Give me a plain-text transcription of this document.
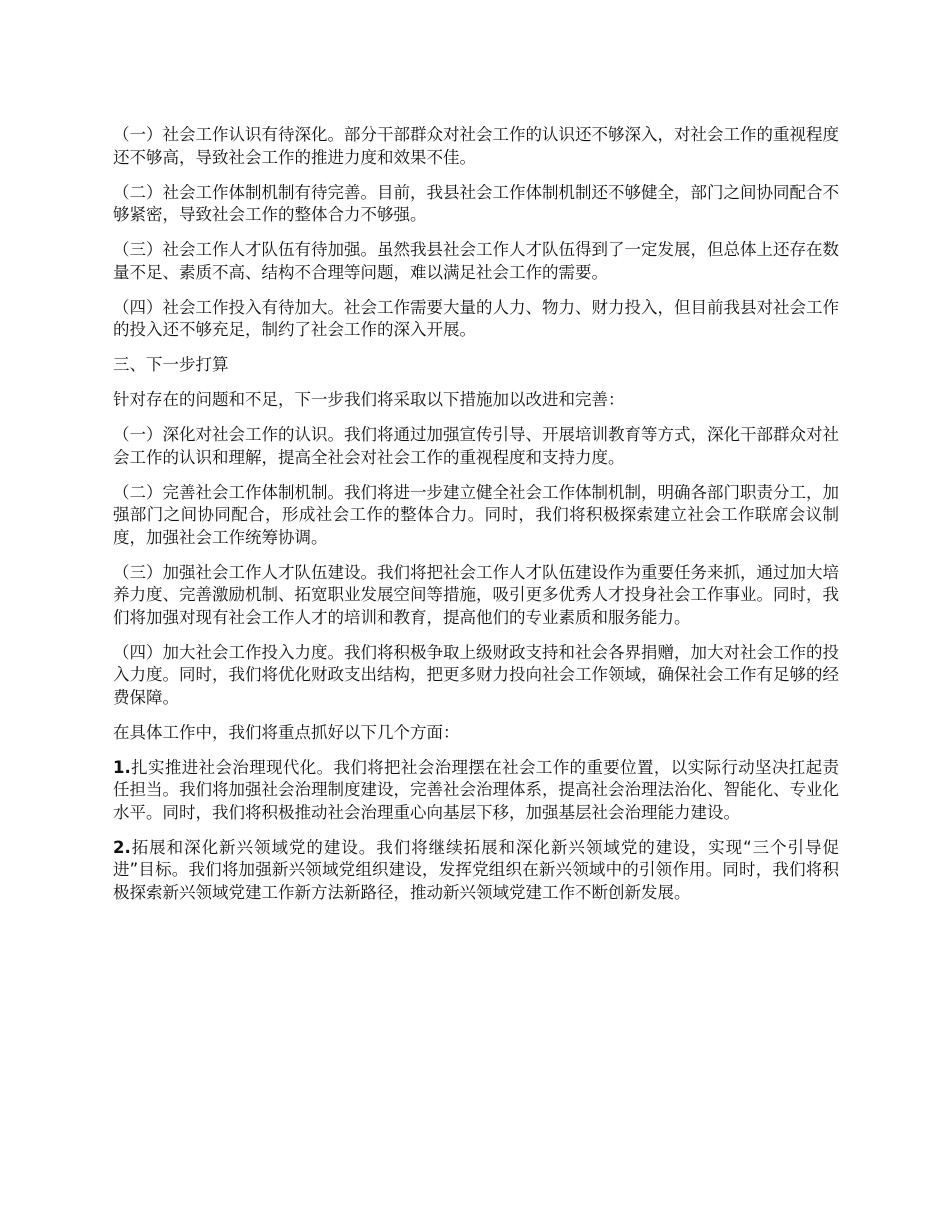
（一）社会工作认识有待深化。部分干部群众对社会工作的认识还不够深入，对社会工作的重视程度还不够高，导致社会工作的推进力度和效果不佳。

（二）社会工作体制机制有待完善。目前，我县社会工作体制机制还不够健全，部门之间协同配合不够紧密，导致社会工作的整体合力不够强。

（三）社会工作人才队伍有待加强。虽然我县社会工作人才队伍得到了一定发展，但总体上还存在数量不足、素质不高、结构不合理等问题，难以满足社会工作的需要。

（四）社会工作投入有待加大。社会工作需要大量的人力、物力、财力投入，但目前我县对社会工作的投入还不够充足，制约了社会工作的深入开展。

三、下一步打算

针对存在的问题和不足，下一步我们将采取以下措施加以改进和完善：

（一）深化对社会工作的认识。我们将通过加强宣传引导、开展培训教育等方式，深化干部群众对社会工作的认识和理解，提高全社会对社会工作的重视程度和支持力度。

（二）完善社会工作体制机制。我们将进一步建立健全社会工作体制机制，明确各部门职责分工，加强部门之间协同配合，形成社会工作的整体合力。同时，我们将积极探索建立社会工作联席会议制度，加强社会工作统筹协调。

（三）加强社会工作人才队伍建设。我们将把社会工作人才队伍建设作为重要任务来抓，通过加大培养力度、完善激励机制、拓宽职业发展空间等措施，吸引更多优秀人才投身社会工作事业。同时，我们将加强对现有社会工作人才的培训和教育，提高他们的专业素质和服务能力。

（四）加大社会工作投入力度。我们将积极争取上级财政支持和社会各界捐赠，加大对社会工作的投入力度。同时，我们将优化财政支出结构，把更多财力投向社会工作领域，确保社会工作有足够的经费保障。

在具体工作中，我们将重点抓好以下几个方面：

1.扎实推进社会治理现代化。我们将把社会治理摆在社会工作的重要位置，以实际行动坚决扛起责任担当。我们将加强社会治理制度建设，完善社会治理体系，提高社会治理法治化、智能化、专业化水平。同时，我们将积极推动社会治理重心向基层下移，加强基层社会治理能力建设。

2.拓展和深化新兴领域党的建设。我们将继续拓展和深化新兴领域党的建设，实现“三个引导促进”目标。我们将加强新兴领域党组织建设，发挥党组织在新兴领域中的引领作用。同时，我们将积极探索新兴领域党建工作新方法新路径，推动新兴领域党建工作不断创新发展。
